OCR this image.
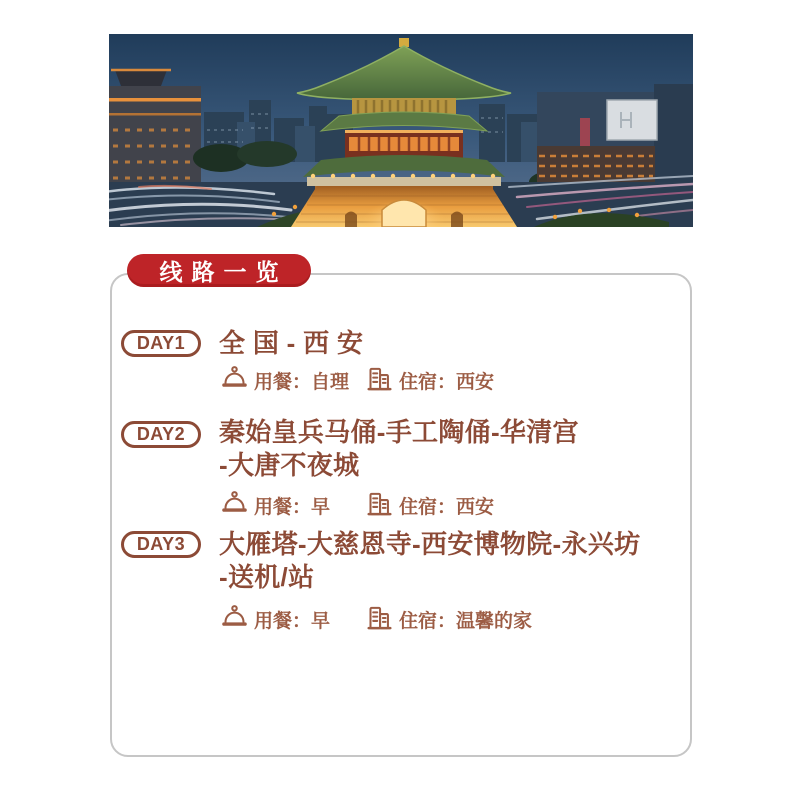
线路一览
DAY1	全 国 - 西 安
用餐：自理	住宿：西安
DAY2	秦始皇兵马俑-手工陶俑-华清宫
-大唐不夜城
用餐：早	住宿：西安
DAY3	大雁塔-大慈恩寺-西安博物院-永兴坊
-送机/站
用餐：早	住宿：温馨的家
